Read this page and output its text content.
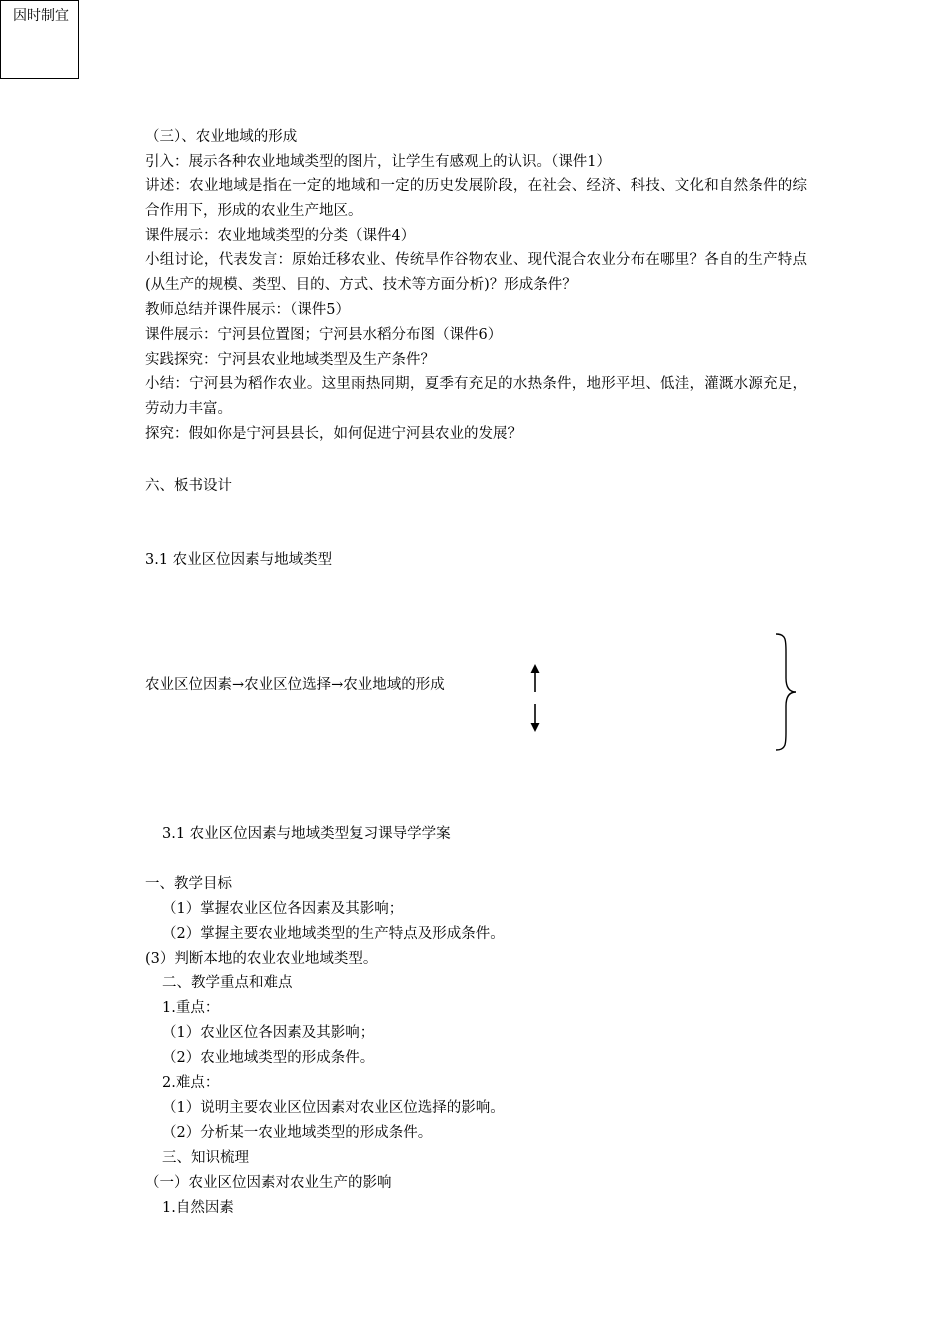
因时制宜
（三）、农业地域的形成
引入：展示各种农业地域类型的图片，让学生有感观上的认识。（课件1）
讲述：农业地域是指在一定的地域和一定的历史发展阶段，在社会、经济、科技、文化和自然条件的综合作用下，形成的农业生产地区。
课件展示：农业地域类型的分类（课件4）
小组讨论，代表发言：原始迁移农业、传统旱作谷物农业、现代混合农业分布在哪里？各自的生产特点(从生产的规模、类型、目的、方式、技术等方面分析)？形成条件？
教师总结并课件展示：（课件5）
课件展示：宁河县位置图；宁河县水稻分布图（课件6）
实践探究：宁河县农业地域类型及生产条件？
小结：宁河县为稻作农业。这里雨热同期，夏季有充足的水热条件，地形平坦、低洼，灌溉水源充足，劳动力丰富。
探究：假如你是宁河县县长，如何促进宁河县农业的发展？
六、板书设计
3.1 农业区位因素与地域类型
农业区位因素→农业区位选择→农业地域的形成
3.1 农业区位因素与地域类型复习课导学学案
一、教学目标
（1）掌握农业区位各因素及其影响；
（2）掌握主要农业地域类型的生产特点及形成条件。
(3）判断本地的农业农业地域类型。
二、教学重点和难点
1.重点：
（1）农业区位各因素及其影响；
（2）农业地域类型的形成条件。
2.难点：
（1）说明主要农业区位因素对农业区位选择的影响。
（2）分析某一农业地域类型的形成条件。
三、知识梳理
（一）农业区位因素对农业生产的影响
1.自然因素
